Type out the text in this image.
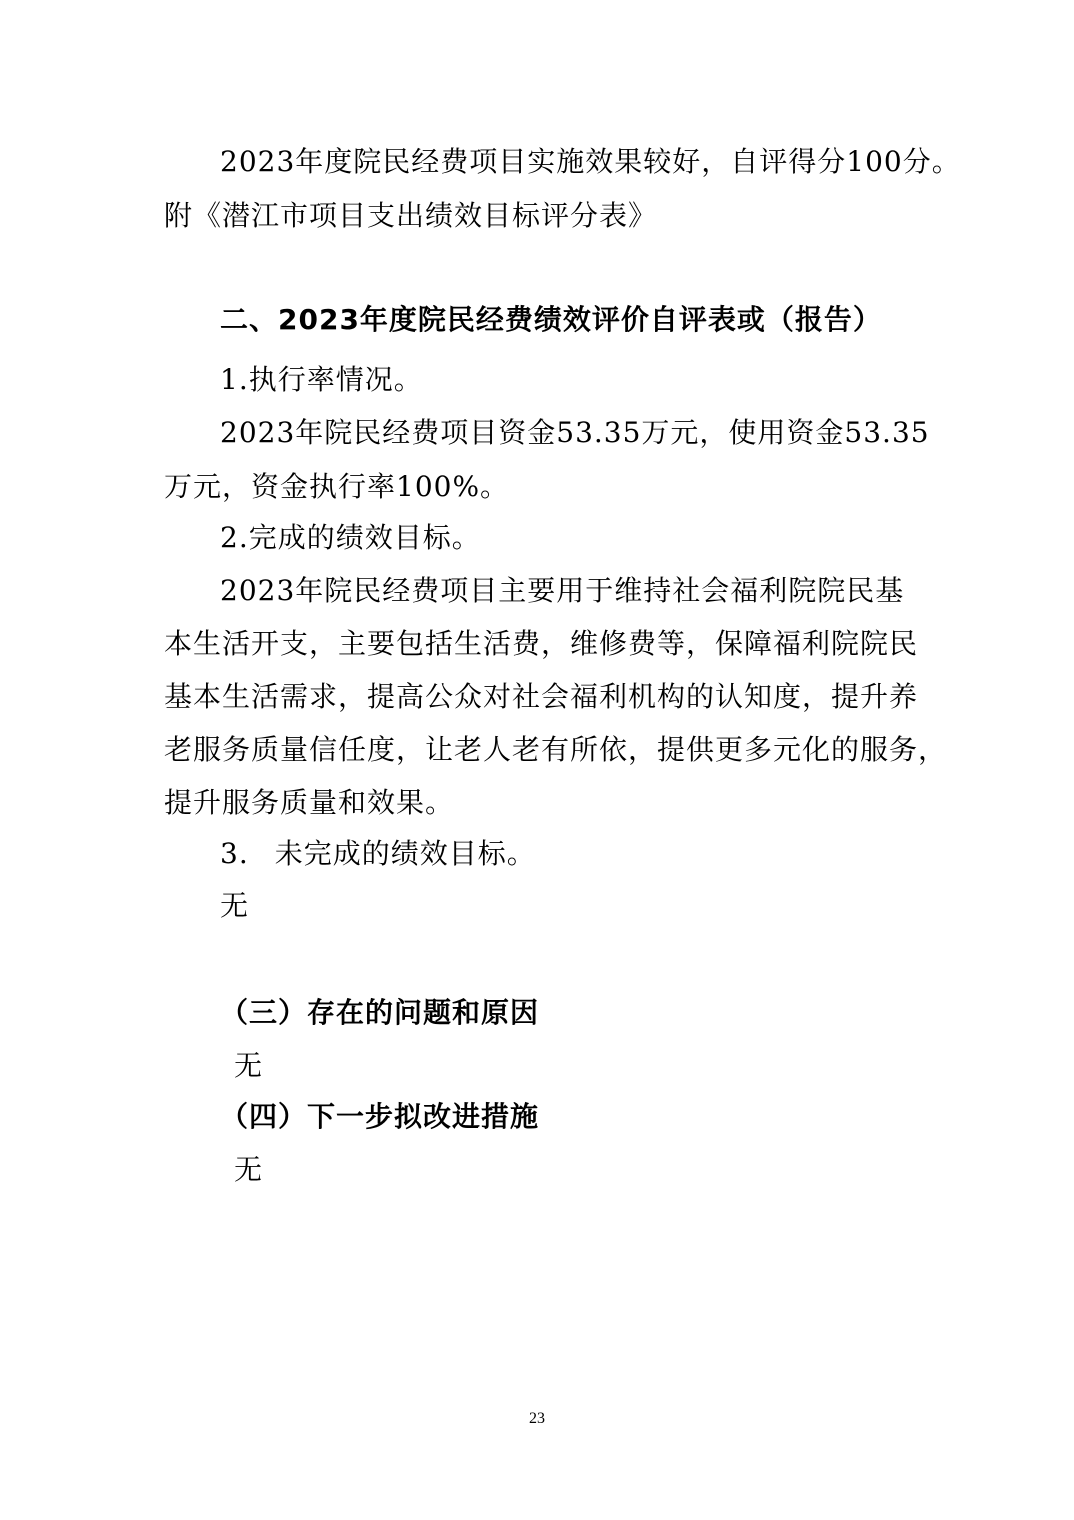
2023年度院民经费项目实施效果较好，自评得分100分。

附《潜江市项目支出绩效目标评分表》

二、2023年度院民经费绩效评价自评表或（报告）

1.执行率情况。

2023年院民经费项目资金53.35万元，使用资金53.35

万元，资金执行率100%。

2.完成的绩效目标。

2023年院民经费项目主要用于维持社会福利院院民基

本生活开支，主要包括生活费，维修费等，保障福利院院民

基本生活需求，提高公众对社会福利机构的认知度，提升养

老服务质量信任度，让老人老有所依，提供更多元化的服务，

提升服务质量和效果。

3. 未完成的绩效目标。

无

（三）存在的问题和原因

无

（四）下一步拟改进措施

无

23
